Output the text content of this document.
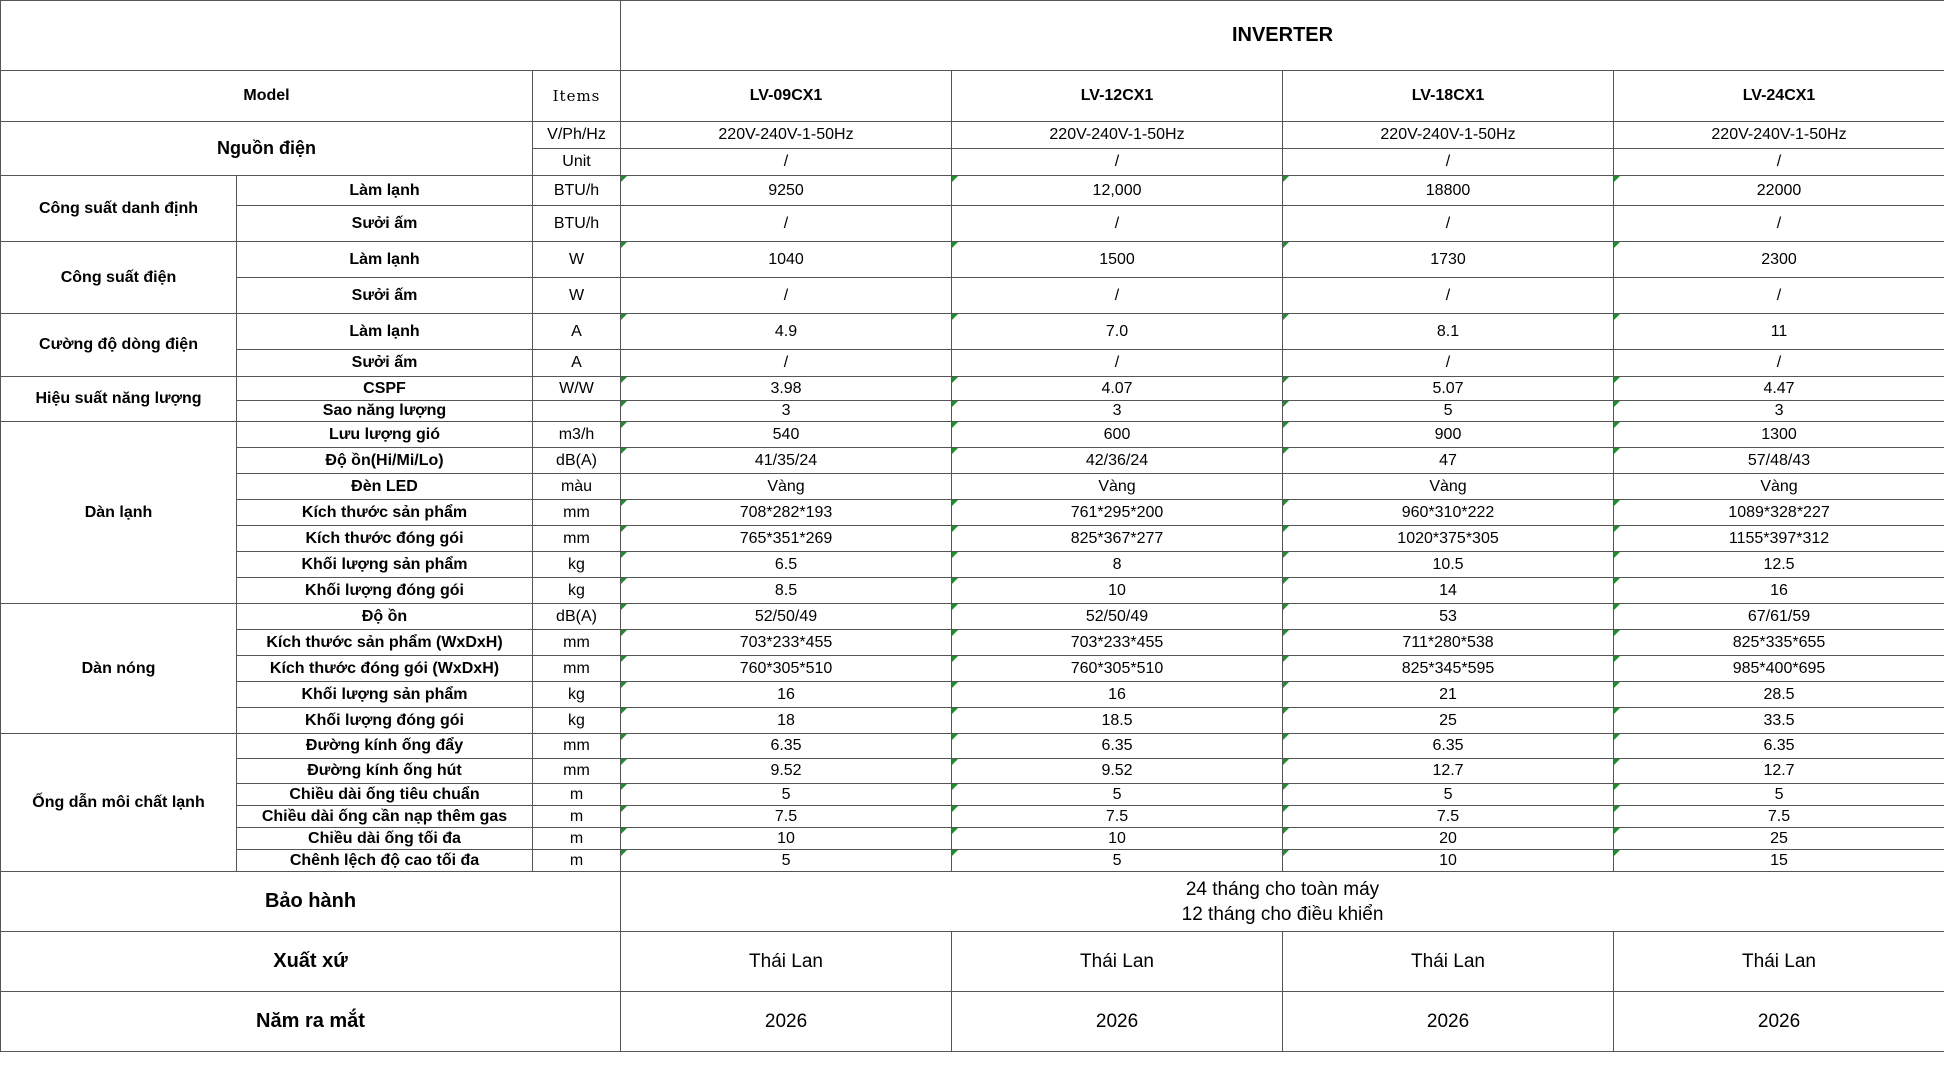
			INVERTER			
Model		Items	LV-09CX1	LV-12CX1	LV-18CX1	LV-24CX1
Nguồn điện		V/Ph/Hz	220V-240V-1-50Hz	220V-240V-1-50Hz	220V-240V-1-50Hz	220V-240V-1-50Hz
		Unit	/	/	/	/
Công suất danh định	Làm lạnh	BTU/h	9250	12,000	18800	22000
	Sưởi ấm	BTU/h	/	/	/	/
Công suất điện	Làm lạnh	W	1040	1500	1730	2300
	Sưởi ấm	W	/	/	/	/
Cường độ dòng điện	Làm lạnh	A	4.9	7.0	8.1	11
	Sưởi ấm	A	/	/	/	/
Hiệu suất năng lượng	CSPF	W/W	3.98	4.07	5.07	4.47
	Sao năng lượng		3	3	5	3
Dàn lạnh	Lưu lượng gió	m3/h	540	600	900	1300
	Độ ồn(Hi/Mi/Lo)	dB(A)	41/35/24	42/36/24	47	57/48/43
	Đèn LED	màu	Vàng	Vàng	Vàng	Vàng
	Kích thước sản phẩm	mm	708*282*193	761*295*200	960*310*222	1089*328*227
	Kích thước đóng gói	mm	765*351*269	825*367*277	1020*375*305	1155*397*312
	Khối lượng sản phẩm	kg	6.5	8	10.5	12.5
	Khối lượng đóng gói	kg	8.5	10	14	16
Dàn nóng	Độ ồn	dB(A)	52/50/49	52/50/49	53	67/61/59
	Kích thước sản phẩm (WxDxH)	mm	703*233*455	703*233*455	711*280*538	825*335*655
	Kích thước đóng gói (WxDxH)	mm	760*305*510	760*305*510	825*345*595	985*400*695
	Khối lượng sản phẩm	kg	16	16	21	28.5
	Khối lượng đóng gói	kg	18	18.5	25	33.5
Ống dẫn môi chất lạnh	Đường kính ống đẩy	mm	6.35	6.35	6.35	6.35
	Đường kính ống hút	mm	9.52	9.52	12.7	12.7
	Chiều dài ống tiêu chuẩn	m	5	5	5	5
	Chiều dài ống cần nạp thêm gas	m	7.5	7.5	7.5	7.5
	Chiều dài ống tối đa	m	10	10	20	25
	Chênh lệch độ cao tối đa	m	5	5	10	15
Bảo hành			24 tháng cho toàn máy
12 tháng cho điều khiển			

Xuất xứ			Thái Lan	Thái Lan	Thái Lan	Thái Lan
Năm ra mắt			2026	2026	2026	2026
